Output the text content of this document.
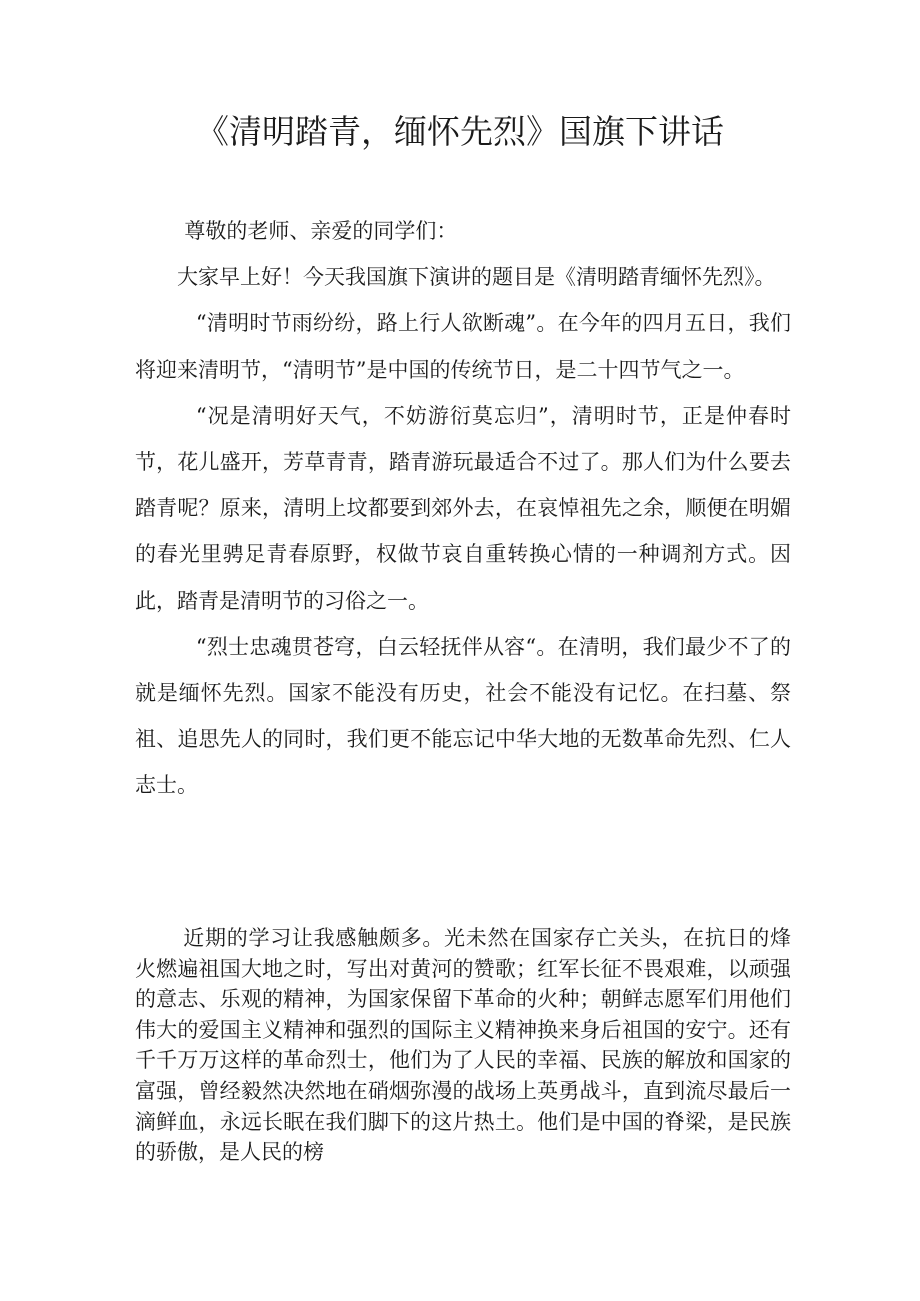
《清明踏青，缅怀先烈》国旗下讲话

尊敬的老师、亲爱的同学们：

大家早上好！今天我国旗下演讲的题目是《清明踏青缅怀先烈》。

“清明时节雨纷纷，路上行人欲断魂”。在今年的四月五日，我们将迎来清明节，“清明节”是中国的传统节日，是二十四节气之一。

“况是清明好天气，不妨游衍莫忘归”，清明时节，正是仲春时节，花儿盛开，芳草青青，踏青游玩最适合不过了。那人们为什么要去踏青呢？原来，清明上坟都要到郊外去，在哀悼祖先之余，顺便在明媚的春光里骋足青春原野，权做节哀自重转换心情的一种调剂方式。因此，踏青是清明节的习俗之一。

“烈士忠魂贯苍穹，白云轻抚伴从容“。在清明，我们最少不了的就是缅怀先烈。国家不能没有历史，社会不能没有记忆。在扫墓、祭祖、追思先人的同时，我们更不能忘记中华大地的无数革命先烈、仁人志士。

近期的学习让我感触颇多。光未然在国家存亡关头，在抗日的烽火燃遍祖国大地之时，写出对黄河的赞歌；红军长征不畏艰难，以顽强的意志、乐观的精神，为国家保留下革命的火种；朝鲜志愿军们用他们伟大的爱国主义精神和强烈的国际主义精神换来身后祖国的安宁。还有千千万万这样的革命烈士，他们为了人民的幸福、民族的解放和国家的富强，曾经毅然决然地在硝烟弥漫的战场上英勇战斗，直到流尽最后一滴鲜血，永远长眠在我们脚下的这片热土。他们是中国的脊梁，是民族的骄傲，是人民的榜
